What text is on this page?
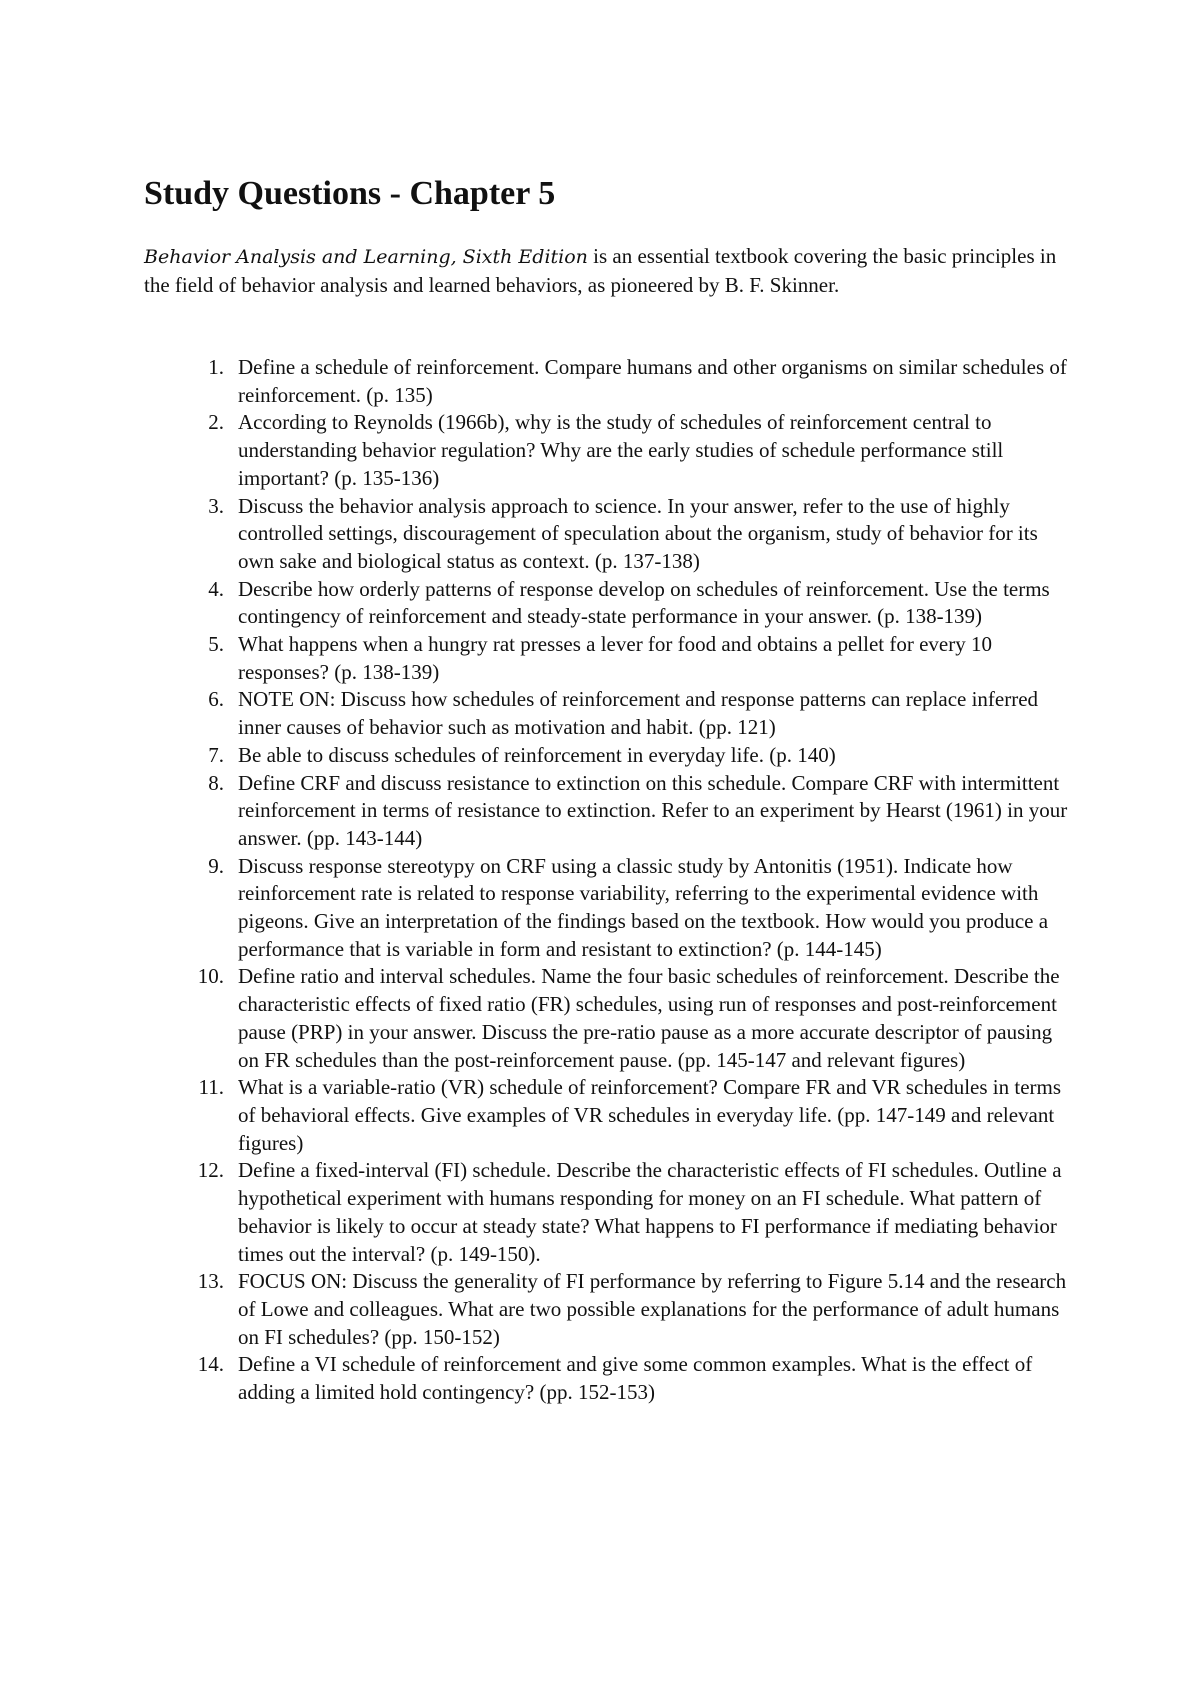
Study Questions - Chapter 5

Behavior Analysis and Learning, Sixth Edition is an essential textbook covering the basic principles in the field of behavior analysis and learned behaviors, as pioneered by B. F. Skinner.

1. Define a schedule of reinforcement. Compare humans and other organisms on similar schedules of reinforcement. (p. 135)
2. According to Reynolds (1966b), why is the study of schedules of reinforcement central to understanding behavior regulation? Why are the early studies of schedule performance still important? (p. 135-136)
3. Discuss the behavior analysis approach to science. In your answer, refer to the use of highly controlled settings, discouragement of speculation about the organism, study of behavior for its own sake and biological status as context. (p. 137-138)
4. Describe how orderly patterns of response develop on schedules of reinforcement. Use the terms contingency of reinforcement and steady-state performance in your answer. (p. 138-139)
5. What happens when a hungry rat presses a lever for food and obtains a pellet for every 10 responses? (p. 138-139)
6. NOTE ON: Discuss how schedules of reinforcement and response patterns can replace inferred inner causes of behavior such as motivation and habit. (pp. 121)
7. Be able to discuss schedules of reinforcement in everyday life. (p. 140)
8. Define CRF and discuss resistance to extinction on this schedule. Compare CRF with intermittent reinforcement in terms of resistance to extinction. Refer to an experiment by Hearst (1961) in your answer. (pp. 143-144)
9. Discuss response stereotypy on CRF using a classic study by Antonitis (1951). Indicate how reinforcement rate is related to response variability, referring to the experimental evidence with pigeons. Give an interpretation of the findings based on the textbook. How would you produce a performance that is variable in form and resistant to extinction? (p. 144-145)
10. Define ratio and interval schedules. Name the four basic schedules of reinforcement. Describe the characteristic effects of fixed ratio (FR) schedules, using run of responses and post-reinforcement pause (PRP) in your answer. Discuss the pre-ratio pause as a more accurate descriptor of pausing on FR schedules than the post-reinforcement pause. (pp. 145-147 and relevant figures)
11. What is a variable-ratio (VR) schedule of reinforcement? Compare FR and VR schedules in terms of behavioral effects. Give examples of VR schedules in everyday life. (pp. 147-149 and relevant figures)
12. Define a fixed-interval (FI) schedule. Describe the characteristic effects of FI schedules. Outline a hypothetical experiment with humans responding for money on an FI schedule. What pattern of behavior is likely to occur at steady state? What happens to FI performance if mediating behavior times out the interval? (p. 149-150).
13. FOCUS ON: Discuss the generality of FI performance by referring to Figure 5.14 and the research of Lowe and colleagues. What are two possible explanations for the performance of adult humans on FI schedules? (pp. 150-152)
14. Define a VI schedule of reinforcement and give some common examples. What is the effect of adding a limited hold contingency? (pp. 152-153)
